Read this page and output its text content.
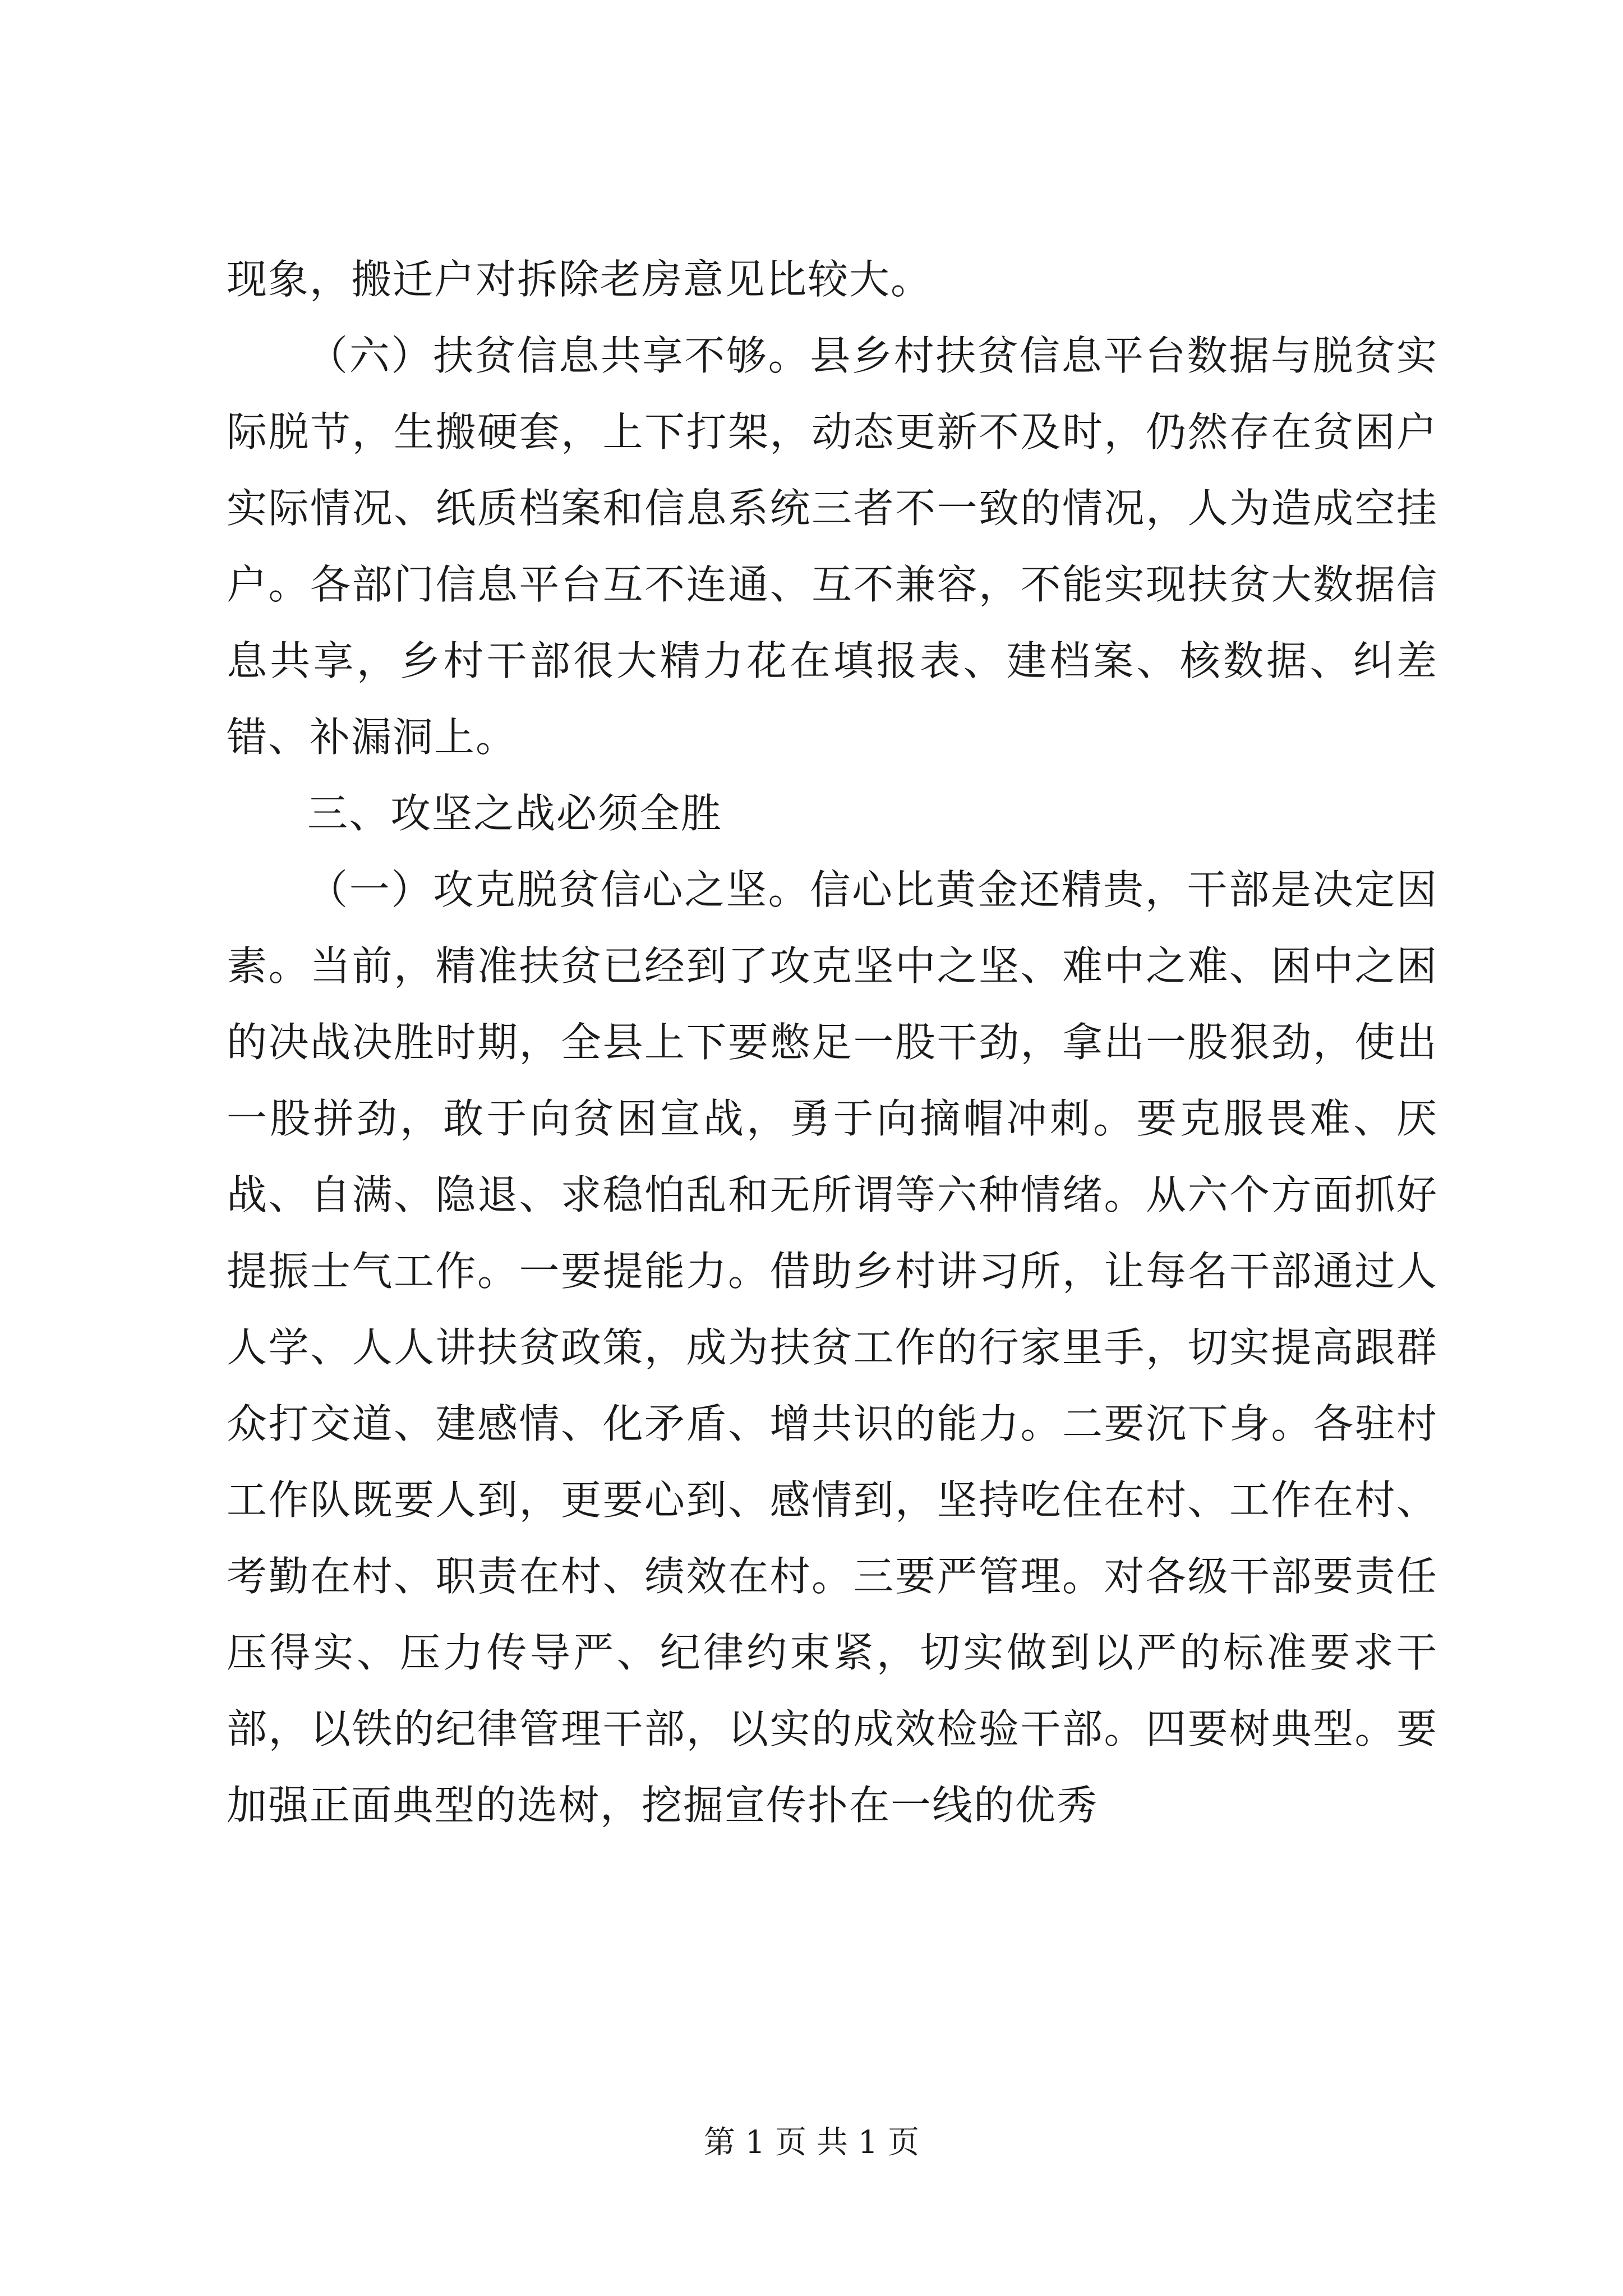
现象，搬迁户对拆除老房意见比较大。

（六）扶贫信息共享不够。县乡村扶贫信息平台数据与脱贫实际脱节，生搬硬套，上下打架，动态更新不及时，仍然存在贫困户实际情况、纸质档案和信息系统三者不一致的情况，人为造成空挂户。各部门信息平台互不连通、互不兼容，不能实现扶贫大数据信息共享，乡村干部很大精力花在填报表、建档案、核数据、纠差错、补漏洞上。

三、攻坚之战必须全胜

（一）攻克脱贫信心之坚。信心比黄金还精贵，干部是决定因素。当前，精准扶贫已经到了攻克坚中之坚、难中之难、困中之困的决战决胜时期，全县上下要憋足一股干劲，拿出一股狠劲，使出一股拼劲，敢于向贫困宣战，勇于向摘帽冲刺。要克服畏难、厌战、自满、隐退、求稳怕乱和无所谓等六种情绪。从六个方面抓好提振士气工作。一要提能力。借助乡村讲习所，让每名干部通过人人学、人人讲扶贫政策，成为扶贫工作的行家里手，切实提高跟群众打交道、建感情、化矛盾、增共识的能力。二要沉下身。各驻村工作队既要人到，更要心到、感情到，坚持吃住在村、工作在村、考勤在村、职责在村、绩效在村。三要严管理。对各级干部要责任压得实、压力传导严、纪律约束紧，切实做到以严的标准要求干部，以铁的纪律管理干部，以实的成效检验干部。四要树典型。要加强正面典型的选树，挖掘宣传扑在一线的优秀

第 1 页 共 1 页
